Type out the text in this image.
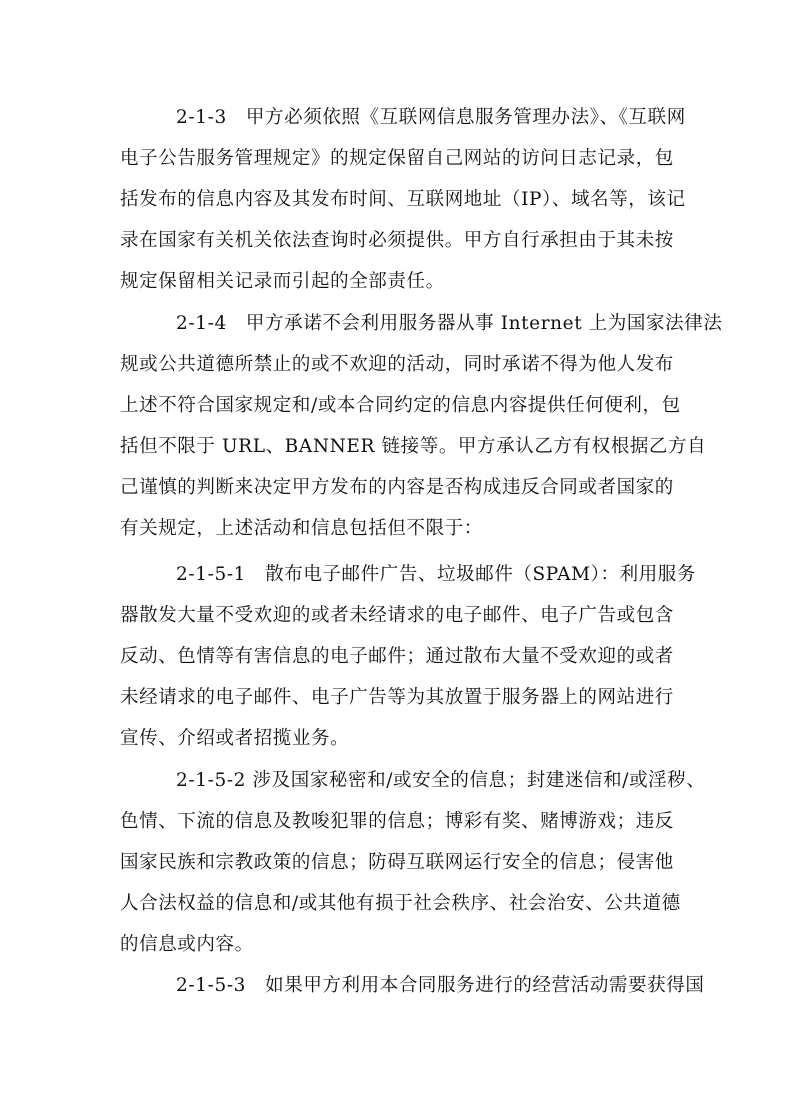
2-1-3　甲方必须依照《互联网信息服务管理办法》、《互联网
电子公告服务管理规定》的规定保留自己网站的访问日志记录，包
括发布的信息内容及其发布时间、互联网地址（IP）、域名等，该记
录在国家有关机关依法查询时必须提供。甲方自行承担由于其未按
规定保留相关记录而引起的全部责任。
2-1-4　甲方承诺不会利用服务器从事 Internet 上为国家法律法
规或公共道德所禁止的或不欢迎的活动，同时承诺不得为他人发布
上述不符合国家规定和/或本合同约定的信息内容提供任何便利，包
括但不限于 URL、BANNER 链接等。甲方承认乙方有权根据乙方自
己谨慎的判断来决定甲方发布的内容是否构成违反合同或者国家的
有关规定，上述活动和信息包括但不限于：
2-1-5-1　散布电子邮件广告、垃圾邮件（SPAM）：利用服务
器散发大量不受欢迎的或者未经请求的电子邮件、电子广告或包含
反动、色情等有害信息的电子邮件；通过散布大量不受欢迎的或者
未经请求的电子邮件、电子广告等为其放置于服务器上的网站进行
宣传、介绍或者招揽业务。
2-1-5-2 涉及国家秘密和/或安全的信息；封建迷信和/或淫秽、
色情、下流的信息及教唆犯罪的信息；博彩有奖、赌博游戏；违反
国家民族和宗教政策的信息；防碍互联网运行安全的信息；侵害他
人合法权益的信息和/或其他有损于社会秩序、社会治安、公共道德
的信息或内容。
2-1-5-3　如果甲方利用本合同服务进行的经营活动需要获得国
